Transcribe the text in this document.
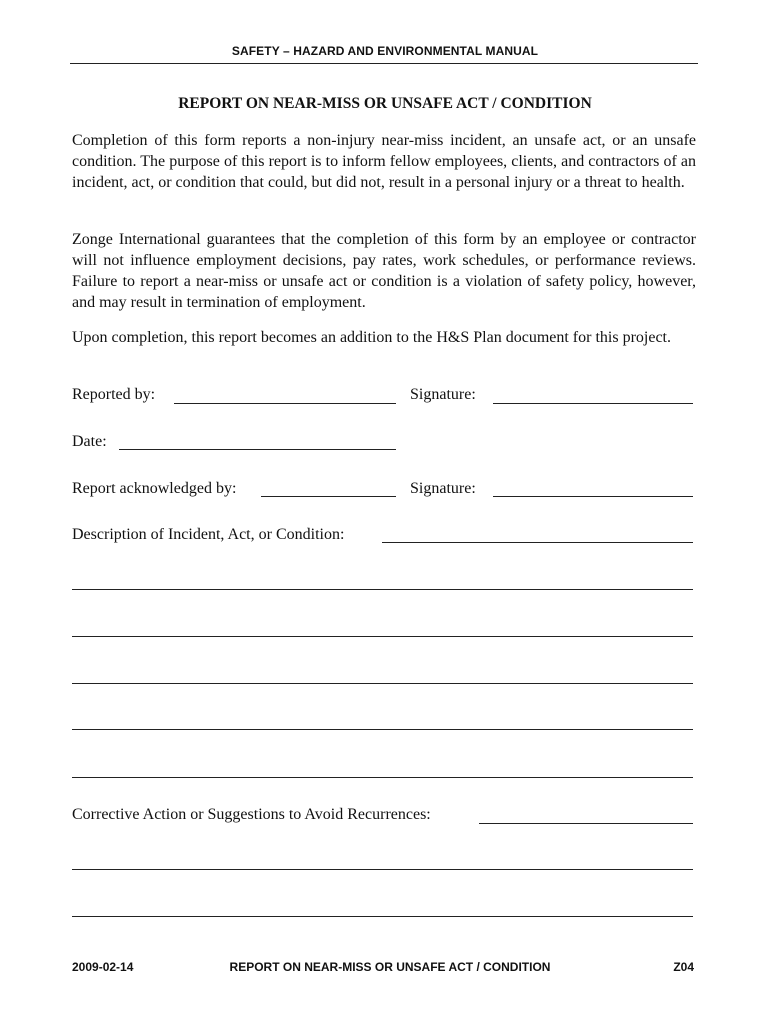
SAFETY – HAZARD AND ENVIRONMENTAL MANUAL
REPORT ON NEAR-MISS OR UNSAFE ACT / CONDITION

Completion of this form reports a non-injury near-miss incident, an unsafe act, or an unsafe condition. The purpose of this report is to inform fellow employees, clients, and contractors of an incident, act, or condition that could, but did not, result in a personal injury or a threat to health.

Zonge International guarantees that the completion of this form by an employee or contractor will not influence employment decisions, pay rates, work schedules, or performance reviews. Failure to report a near-miss or unsafe act or condition is a violation of safety policy, however, and may result in termination of employment.

Upon completion, this report becomes an addition to the H&S Plan document for this project.

Reported by:	Signature:
Date:
Report acknowledged by:	Signature:
Description of Incident, Act, or Condition:
Corrective Action or Suggestions to Avoid Recurrences:
2009-02-14	REPORT ON NEAR-MISS OR UNSAFE ACT / CONDITION	Z04
